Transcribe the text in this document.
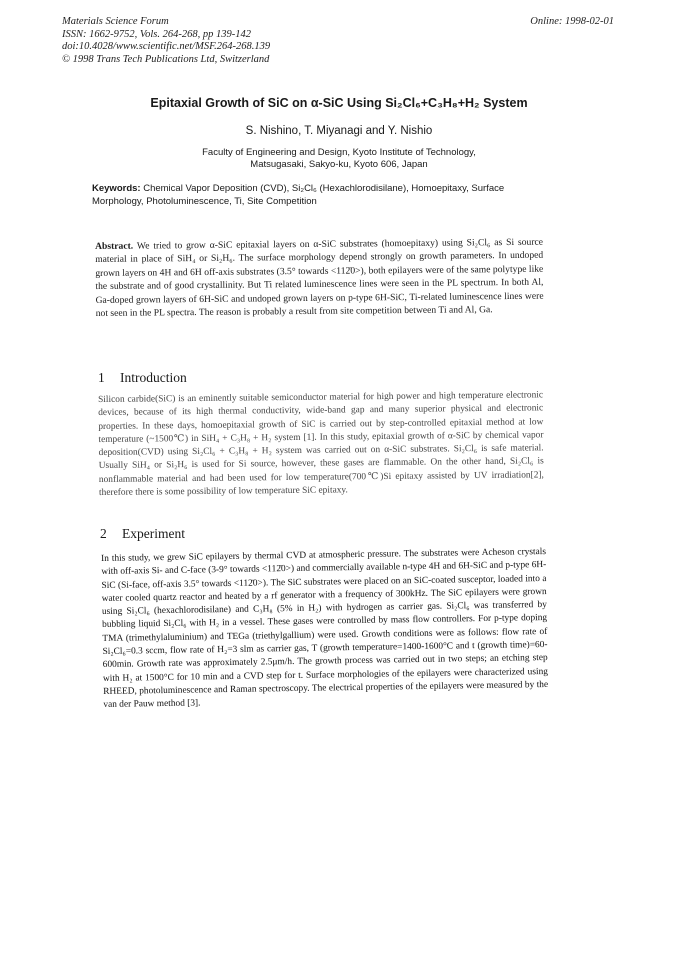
Materials Science Forum
ISSN: 1662-9752, Vols. 264-268, pp 139-142
doi:10.4028/www.scientific.net/MSF.264-268.139
© 1998 Trans Tech Publications Ltd, Switzerland
Online: 1998-02-01
Epitaxial Growth of SiC on α-SiC Using Si₂Cl₆+C₃H₈+H₂ System
S. Nishino, T. Miyanagi and Y. Nishio
Faculty of Engineering and Design, Kyoto Institute of Technology,
Matsugasaki, Sakyo-ku, Kyoto 606, Japan
Keywords: Chemical Vapor Deposition (CVD), Si₂Cl₆ (Hexachlorodisilane), Homoepitaxy, Surface Morphology, Photoluminescence, Ti, Site Competition
Abstract. We tried to grow α-SiC epitaxial layers on α-SiC substrates (homoepitaxy) using Si₂Cl₆ as Si source material in place of SiH₄ or Si₂H₆. The surface morphology depend strongly on growth parameters. In undoped grown layers on 4H and 6H off-axis substrates (3.5° towards <112̄0>), both epilayers were of the same polytype like the substrate and of good crystallinity. But Ti related luminescence lines were seen in the PL spectrum. In both Al, Ga-doped grown layers of 6H-SiC and undoped grown layers on p-type 6H-SiC, Ti-related luminescence lines were not seen in the PL spectra. The reason is probably a result from site competition between Ti and Al, Ga.
1 Introduction
Silicon carbide(SiC) is an eminently suitable semiconductor material for high power and high temperature electronic devices, because of its high thermal conductivity, wide-band gap and many superior physical and electronic properties. In these days, homoepitaxial growth of SiC is carried out by step-controlled epitaxial method at low temperature (~1500℃) in SiH₄ + C₃H₈ + H₂ system [1]. In this study, epitaxial growth of α-SiC by chemical vapor deposition(CVD) using Si₂Cl₆ + C₃H₈ + H₂ system was carried out on α-SiC substrates. Si₂Cl₆ is safe material. Usually SiH₄ or Si₂H₆ is used for Si source, however, these gases are flammable. On the other hand, Si₂Cl₆ is nonflammable material and had been used for low temperature(700℃)Si epitaxy assisted by UV irradiation[2], therefore there is some possibility of low temperature SiC epitaxy.
2 Experiment
In this study, we grew SiC epilayers by thermal CVD at atmospheric pressure. The substrates were Acheson crystals with off-axis Si- and C-face (3-9° towards <112̄0>) and commercially available n-type 4H and 6H-SiC and p-type 6H-SiC (Si-face, off-axis 3.5° towards <112̄0>). The SiC substrates were placed on an SiC-coated susceptor, loaded into a water cooled quartz reactor and heated by a rf generator with a frequency of 300kHz. The SiC epilayers were grown using Si₂Cl₆ (hexachlorodisilane) and C₃H₈ (5% in H₂) with hydrogen as carrier gas. Si₂Cl₆ was transferred by bubbling liquid Si₂Cl₆ with H₂ in a vessel. These gases were controlled by mass flow controllers. For p-type doping TMA (trimethylaluminium) and TEGa (triethylgallium) were used. Growth conditions were as follows: flow rate of Si₂Cl₆=0.3 sccm, flow rate of H₂=3 slm as carrier gas, T (growth temperature=1400-1600°C and t (growth time)=60-600min. Growth rate was approximately 2.5μm/h. The growth process was carried out in two steps; an etching step with H₂ at 1500°C for 10 min and a CVD step for t. Surface morphologies of the epilayers were characterized using RHEED, photoluminescence and Raman spectroscopy. The electrical properties of the epilayers were measured by the van der Pauw method [3].
